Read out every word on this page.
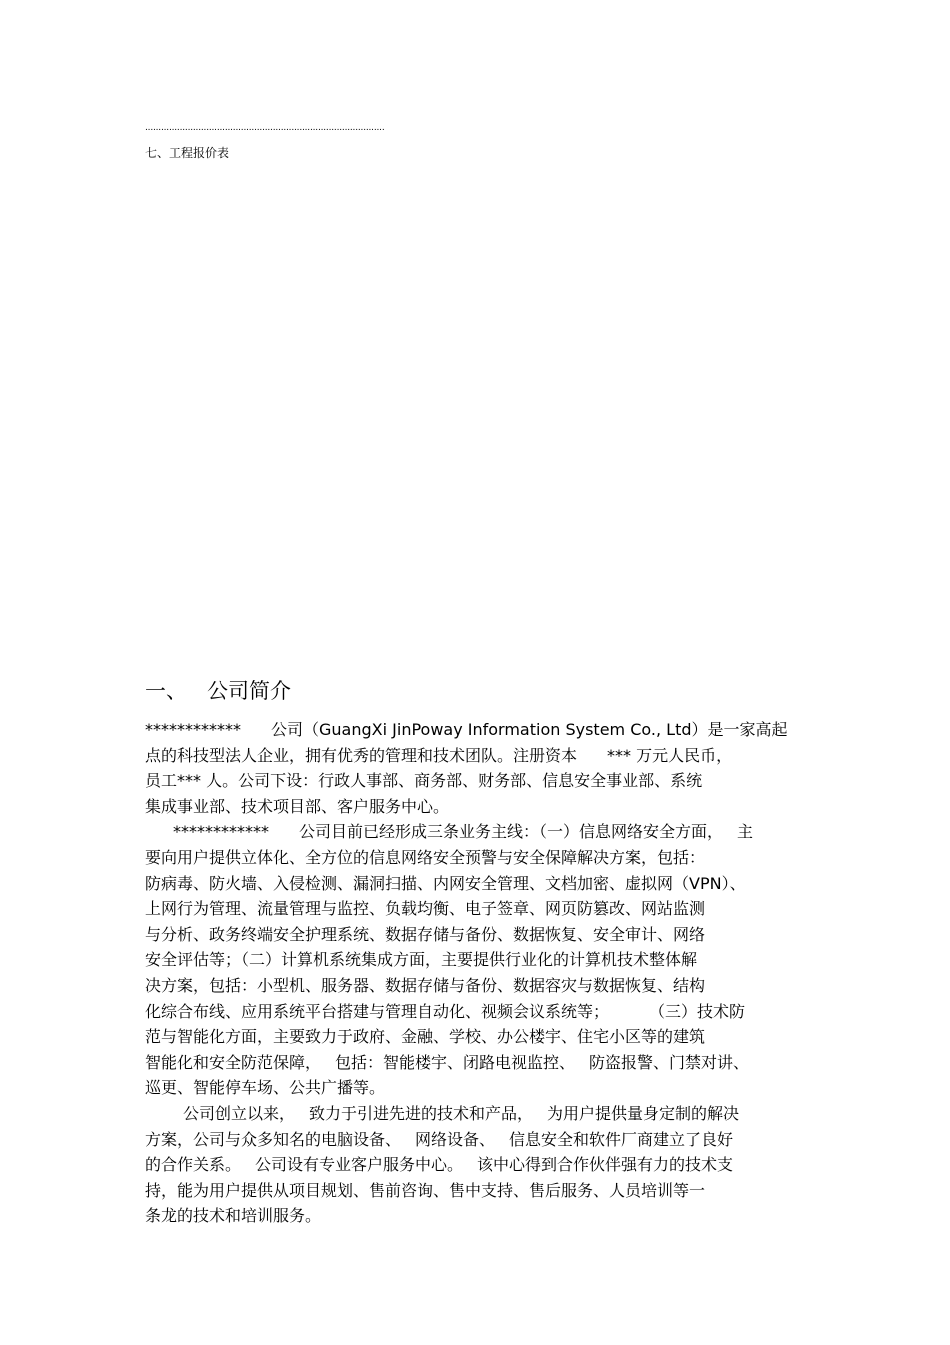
..........................................................................................
七、工程报价表
一、 公司简介
************ 公司（GuangXi JinPoway Information System Co., Ltd）是一家高起
点的科技型法人企业，拥有优秀的管理和技术团队。注册资本 *** 万元人民币，
员工*** 人。公司下设：行政人事部、商务部、财务部、信息安全事业部、系统
集成事业部、技术项目部、客户服务中心。
************ 公司目前已经形成三条业务主线：（一）信息网络安全方面， 主
要向用户提供立体化、全方位的信息网络安全预警与安全保障解决方案，包括：
防病毒、防火墙、入侵检测、漏洞扫描、内网安全管理、文档加密、虚拟网（VPN）、
上网行为管理、流量管理与监控、负载均衡、电子签章、网页防篡改、网站监测
与分析、政务终端安全护理系统、数据存储与备份、数据恢复、安全审计、网络
安全评估等；（二）计算机系统集成方面，主要提供行业化的计算机技术整体解
决方案，包括：小型机、服务器、数据存储与备份、数据容灾与数据恢复、结构
化综合布线、应用系统平台搭建与管理自动化、视频会议系统等；	（三）技术防
范与智能化方面，主要致力于政府、金融、学校、办公楼宇、住宅小区等的建筑
智能化和安全防范保障， 包括：智能楼宇、闭路电视监控、 防盗报警、门禁对讲、
巡更、智能停车场、公共广播等。
公司创立以来， 致力于引进先进的技术和产品， 为用户提供量身定制的解决
方案，公司与众多知名的电脑设备、 网络设备、 信息安全和软件厂商建立了良好
的合作关系。 公司设有专业客户服务中心。 该中心得到合作伙伴强有力的技术支
持，能为用户提供从项目规划、售前咨询、售中支持、售后服务、人员培训等一
条龙的技术和培训服务。
